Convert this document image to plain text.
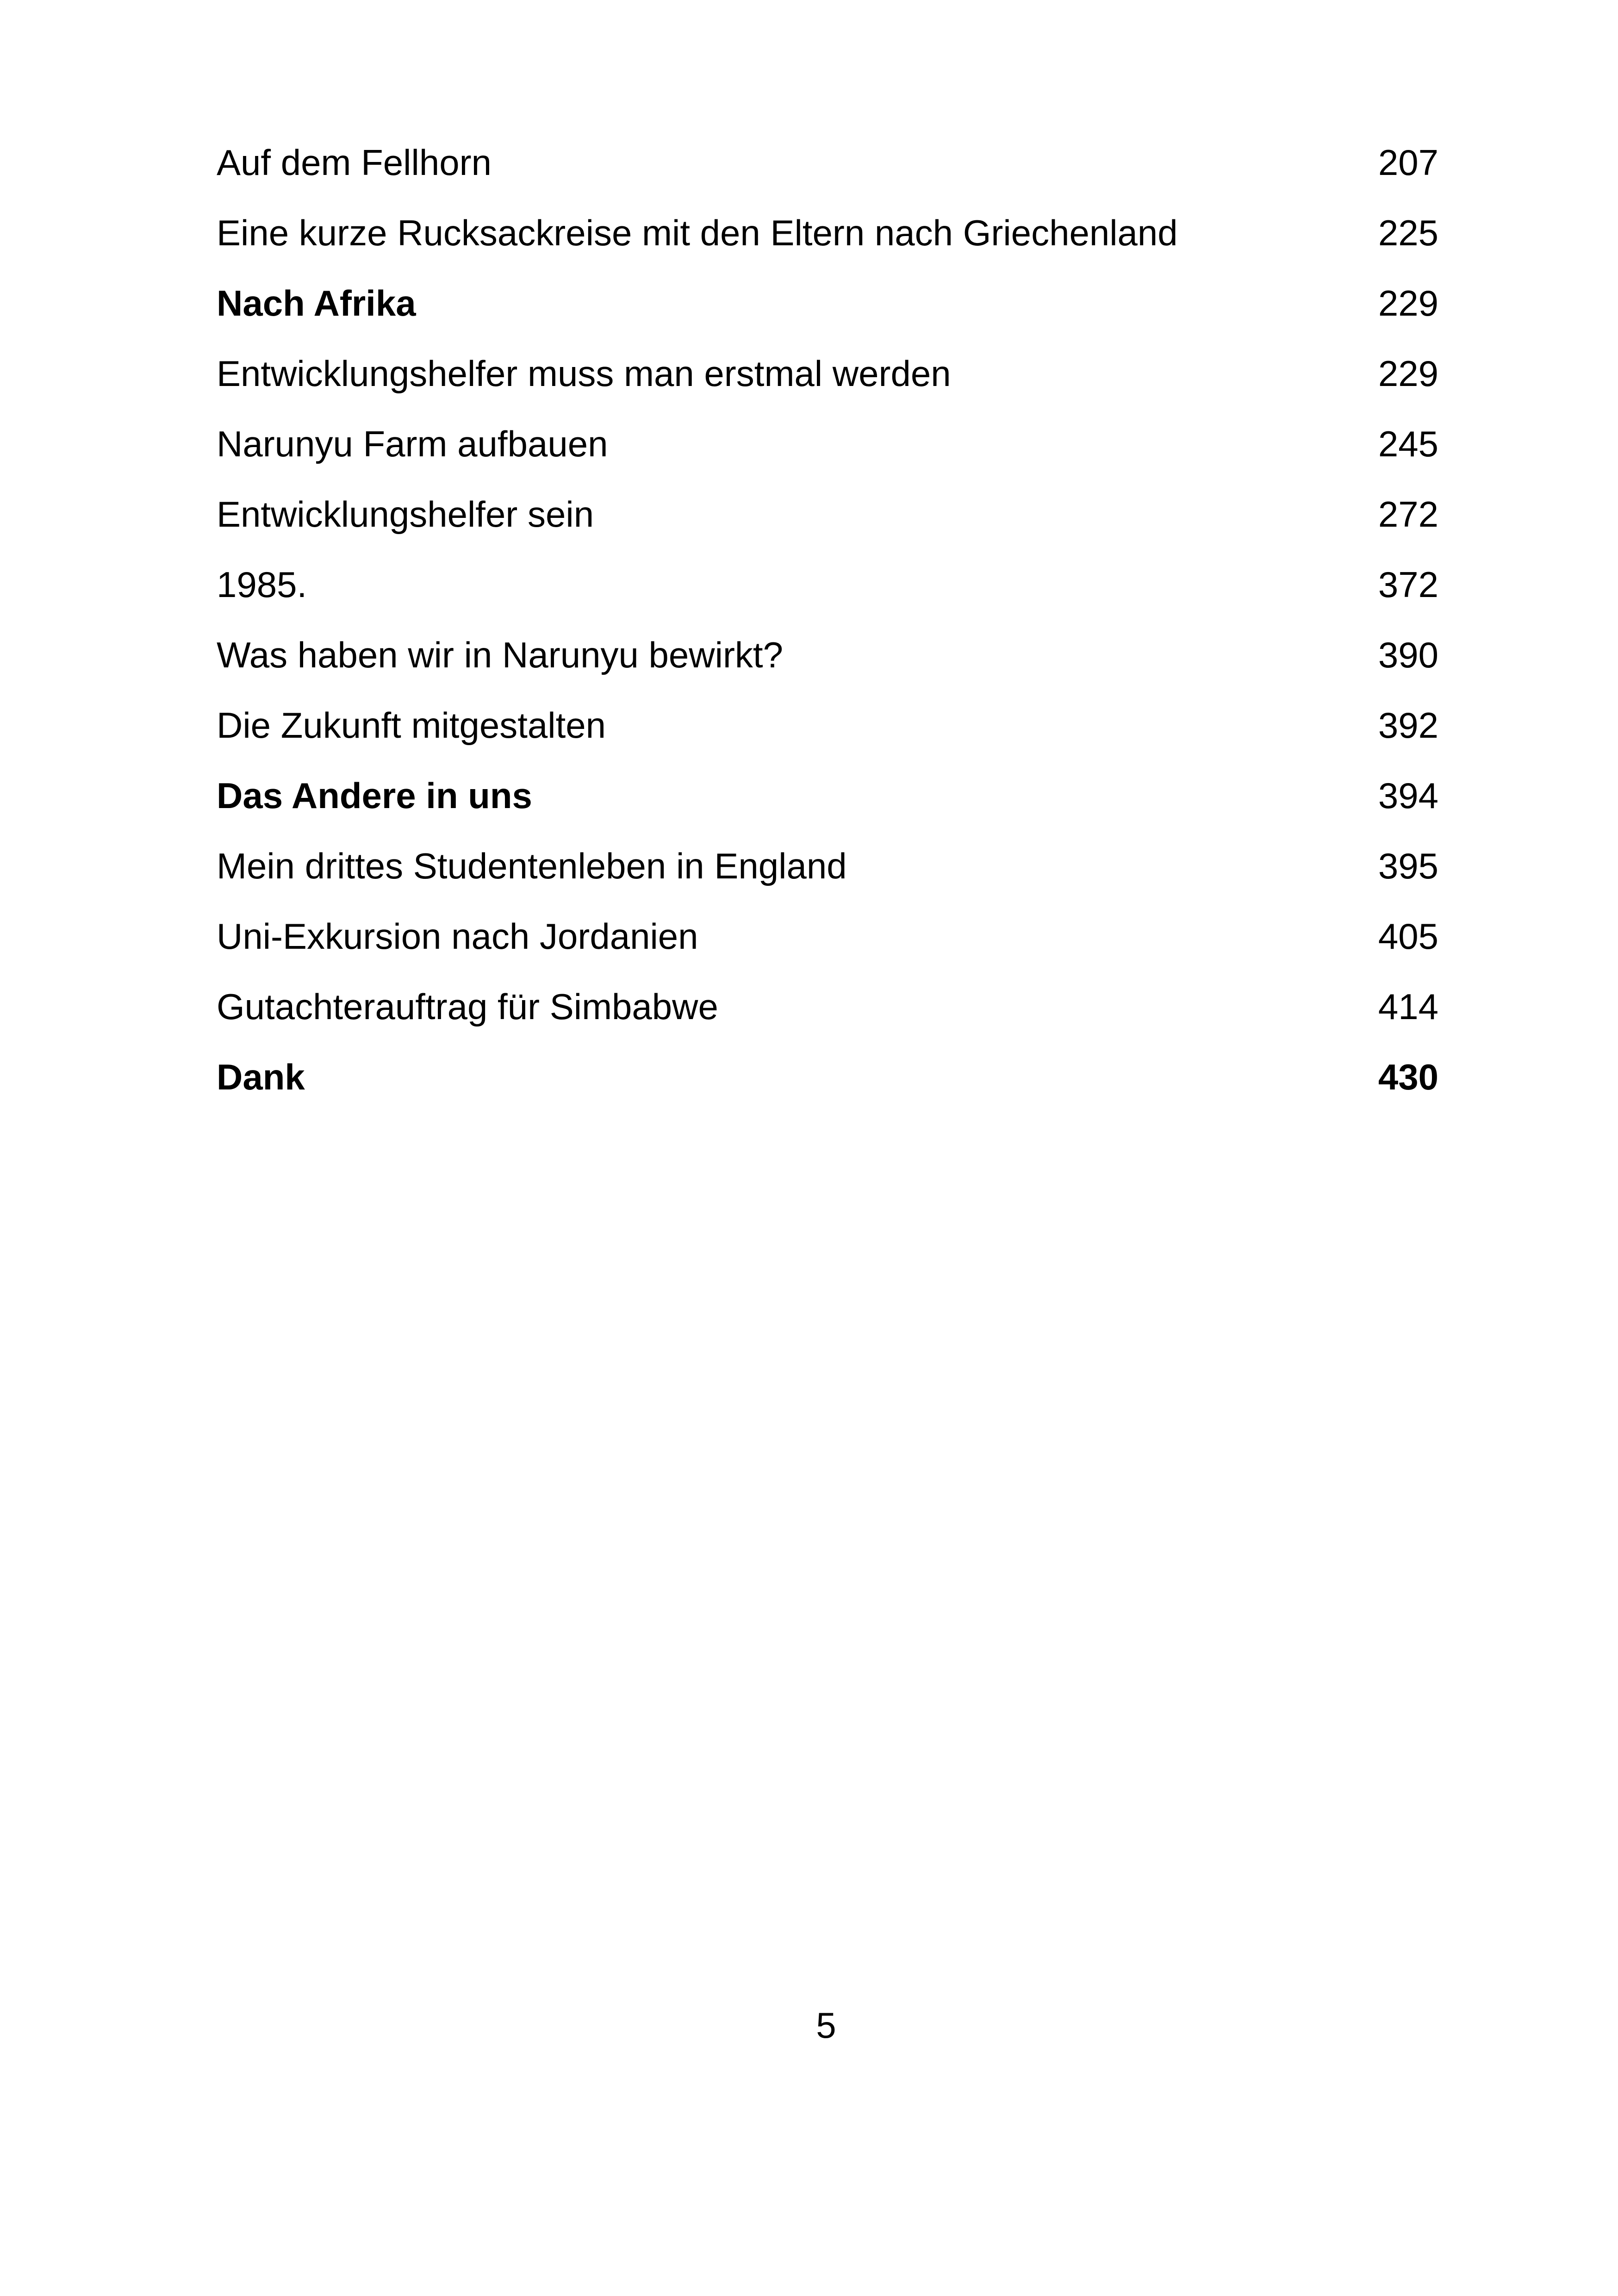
Auf dem Fellhorn	207
Eine kurze Rucksackreise mit den Eltern nach Griechenland	225
Nach Afrika	229
Entwicklungshelfer muss man erstmal werden	229
Narunyu Farm aufbauen	245
Entwicklungshelfer sein	272
1985.	372
Was haben wir in Narunyu bewirkt?	390
Die Zukunft mitgestalten	392
Das Andere in uns	394
Mein drittes Studentenleben in England	395
Uni-Exkursion nach Jordanien	405
Gutachterauftrag für Simbabwe	414
Dank	430
5
